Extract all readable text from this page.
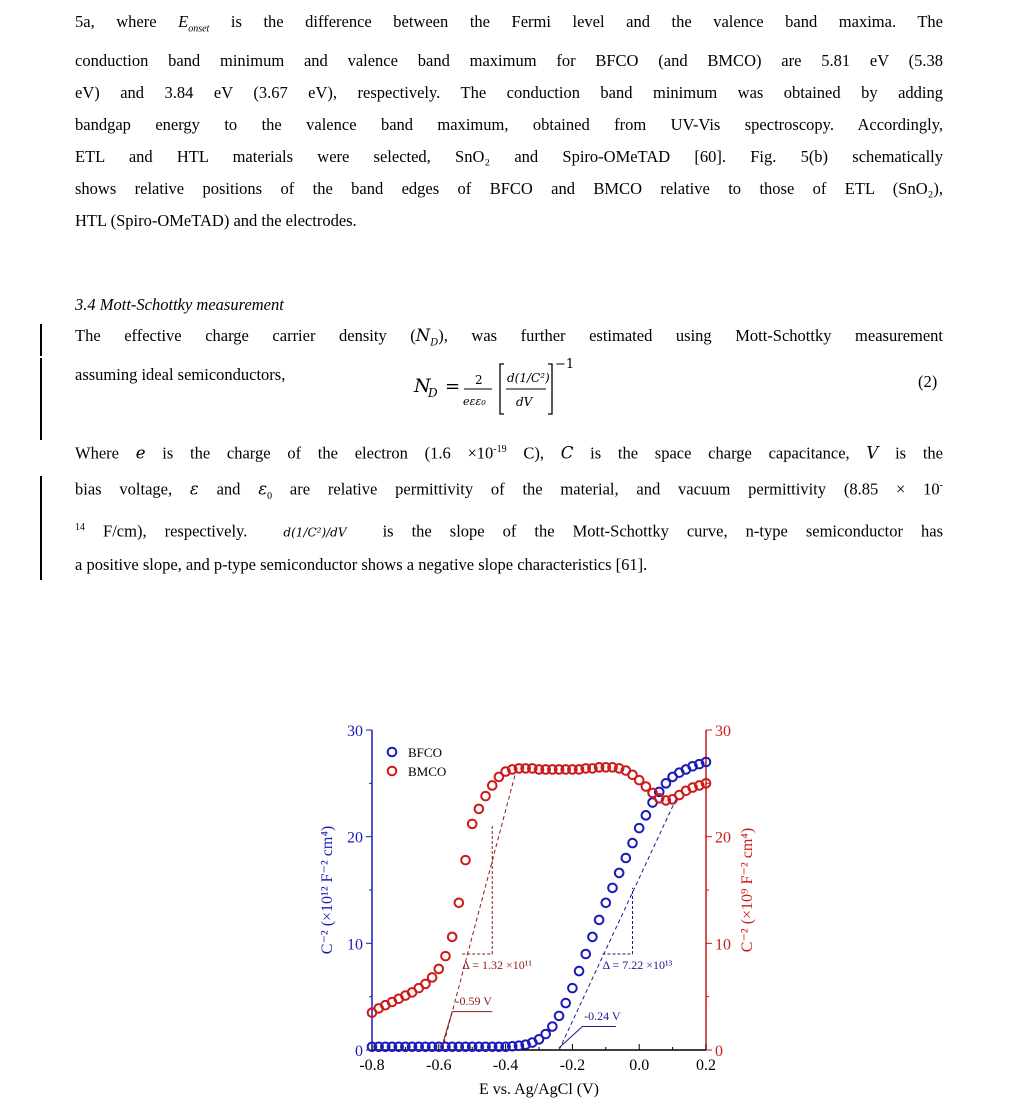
5a, where $E_{onset}$ is the difference between the Fermi level and the valence band maxima. The
conduction band minimum and valence band maximum for BFCO (and BMCO) are 5.81 eV (5.38
eV) and 3.84 eV (3.67 eV), respectively. The conduction band minimum was obtained by adding
bandgap energy to the valence band maximum, obtained from UV-Vis spectroscopy. Accordingly,
ETL and HTL materials were selected, SnO₂ and Spiro-OMeTAD [60]. Fig. 5(b) schematically
shows relative positions of the band edges of BFCO and BMCO relative to those of ETL (SnO₂),
HTL (Spiro-OMeTAD) and the electrodes.

3.4 Mott-Schottky measurement

The effective charge carrier density $(N_D)$, was further estimated using Mott-Schottky measurement
assuming ideal semiconductors,
N
D = 2
eεε₀
d(1/C²)
dV
−1
(2)
Where e is the charge of the electron ($1.6 \times 10^{-19}$ C), C is the space charge capacitance, V is the
bias voltage, ε and $\varepsilon_0$ are relative permittivity of the material, and vacuum permittivity (8.85 × 10-
$^{14}$ F/cm), respectively.  d(1/C²)/dV  is the slope of the Mott-Schottky curve, n-type semiconductor has
a positive slope, and p-type semiconductor shows a negative slope characteristics [61].
-0.8	-0.6	-0.4	-0.2	0.0	0.2
0
10
20
30
0
10
20
30
E vs. Ag/AgCl (V)
C⁻² (×10¹² F⁻² cm⁴)	C⁻² (×10⁹ F⁻² cm⁴)
-0.59 V
-0.24 V
Δ = 1.32 ×10¹¹	Δ = 7.22 ×10¹³
BFCO
BMCO
